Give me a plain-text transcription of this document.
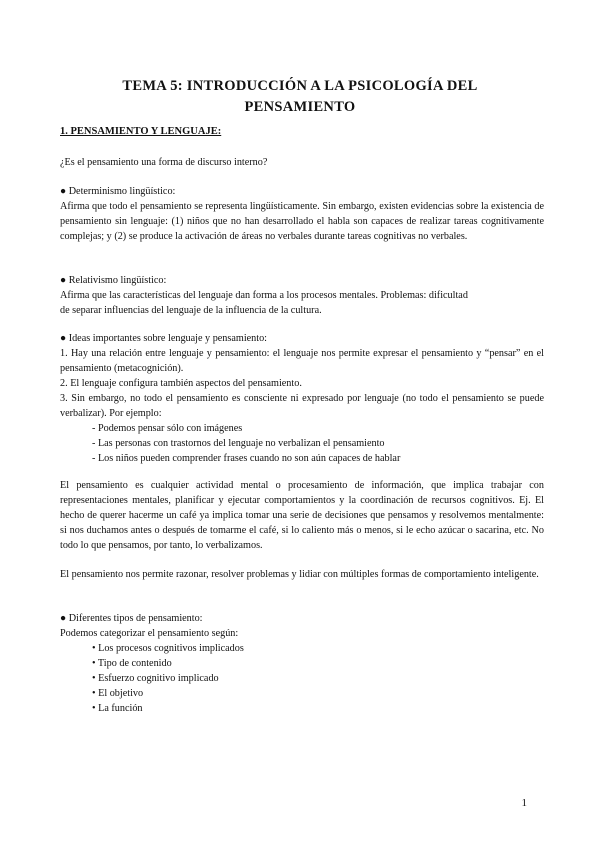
TEMA 5: INTRODUCCIÓN A LA PSICOLOGÍA DEL
PENSAMIENTO
1. PENSAMIENTO Y LENGUAJE:

¿Es el pensamiento una forma de discurso interno?

● Determinismo lingüístico:

Afirma que todo el pensamiento se representa lingüísticamente. Sin embargo, existen evidencias sobre la existencia de pensamiento sin lenguaje: (1) niños que no han desarrollado el habla son capaces de realizar tareas cognitivamente complejas; y (2) se produce la activación de áreas no verbales durante tareas cognitivas no verbales.

● Relativismo lingüístico:

Afirma que las características del lenguaje dan forma a los procesos mentales. Problemas: dificultad

de separar influencias del lenguaje de la influencia de la cultura.

● Ideas importantes sobre lenguaje y pensamiento:

1. Hay una relación entre lenguaje y pensamiento: el lenguaje nos permite expresar el pensamiento y “pensar” en el pensamiento (metacognición).

2. El lenguaje configura también aspectos del pensamiento.

3. Sin embargo, no todo el pensamiento es consciente ni expresado por lenguaje (no todo el pensamiento se puede verbalizar). Por ejemplo:

- Podemos pensar sólo con imágenes

- Las personas con trastornos del lenguaje no verbalizan el pensamiento

- Los niños pueden comprender frases cuando no son aún capaces de hablar

El pensamiento es cualquier actividad mental o procesamiento de información, que implica trabajar con representaciones mentales, planificar y ejecutar comportamientos y la coordinación de recursos cognitivos. Ej. El hecho de querer hacerme un café ya implica tomar una serie de decisiones que pensamos y resolvemos mentalmente: si nos duchamos antes o después de tomarme el café, si lo caliento más o menos, si le echo azúcar o sacarina, etc. No todo lo que pensamos, por tanto, lo verbalizamos.

El pensamiento nos permite razonar, resolver problemas y lidiar con múltiples formas de comportamiento inteligente.

● Diferentes tipos de pensamiento:

Podemos categorizar el pensamiento según:

• Los procesos cognitivos implicados
• Tipo de contenido
• Esfuerzo cognitivo implicado
• El objetivo
• La función
1
